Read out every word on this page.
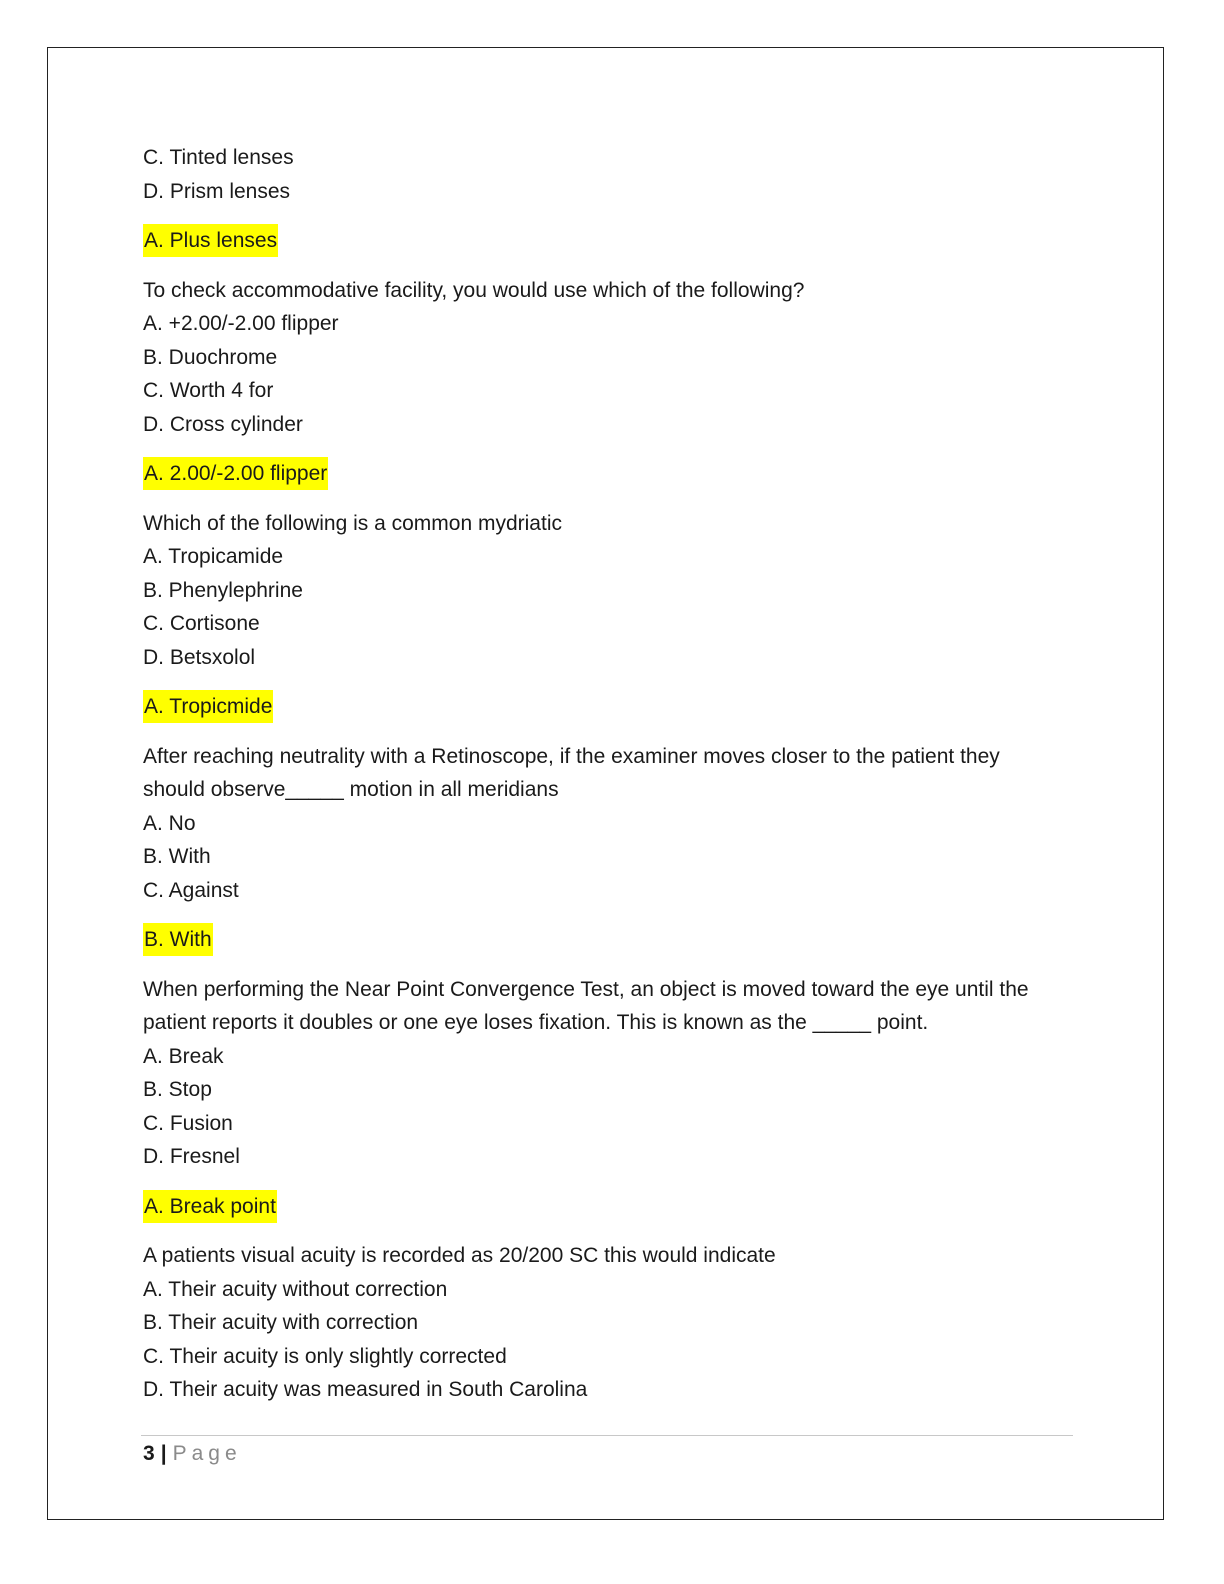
C. Tinted lenses
D. Prism lenses
A. Plus lenses
To check accommodative facility, you would use which of the following?
A. +2.00/-2.00 flipper
B. Duochrome
C. Worth 4 for
D. Cross cylinder
A. 2.00/-2.00 flipper
Which of the following is a common mydriatic
A. Tropicamide
B. Phenylephrine
C. Cortisone
D. Betsxolol
A. Tropicmide
After reaching neutrality with a Retinoscope, if the examiner moves closer to the patient they
should observe_____ motion in all meridians
A. No
B. With
C. Against
B. With
When performing the Near Point Convergence Test, an object is moved toward the eye until the
patient reports it doubles or one eye loses fixation. This is known as the _____ point.
A. Break
B. Stop
C. Fusion
D. Fresnel
A. Break point
A patients visual acuity is recorded as 20/200 SC this would indicate
A. Their acuity without correction
B. Their acuity with correction
C. Their acuity is only slightly corrected
D. Their acuity was measured in South Carolina
3 | Page
